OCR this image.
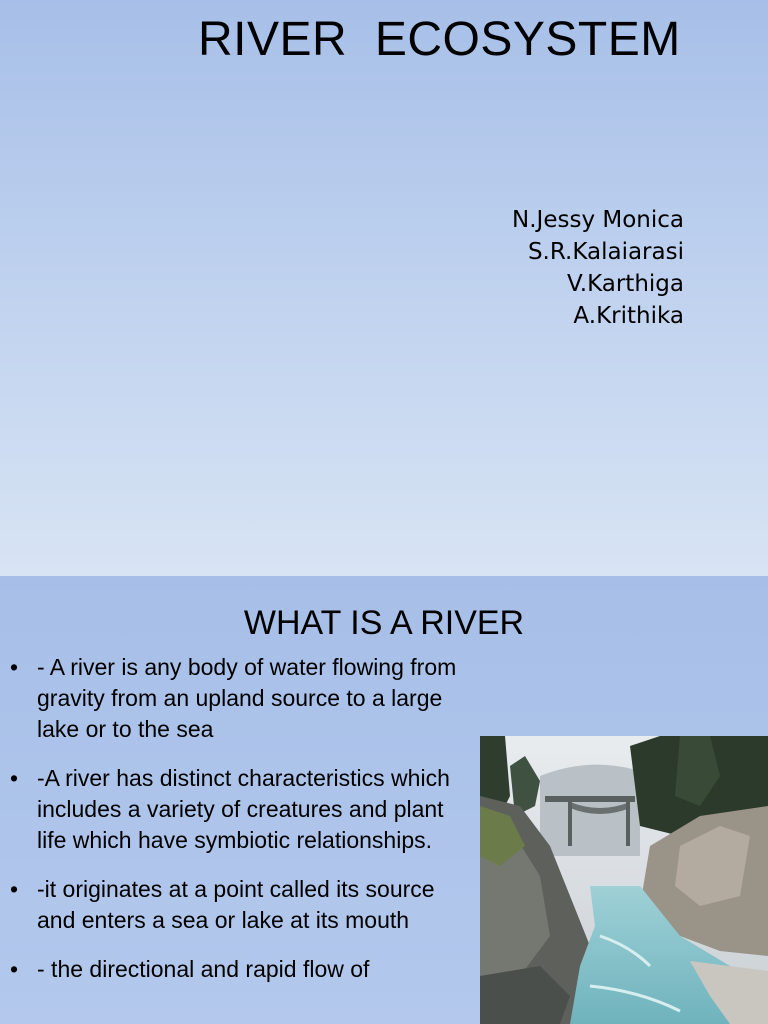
RIVER  ECOSYSTEM
N.Jessy Monica
S.R.Kalaiarasi
V.Karthiga
A.Krithika
WHAT IS A RIVER
• - A river is any body of water flowing from gravity from an upland source to a large lake or to the sea
• -A river has distinct characteristics which includes a variety of creatures and plant life which have symbiotic relationships.
• -it originates at a point called its source and enters a sea or lake at its mouth
• - the directional and rapid flow of
